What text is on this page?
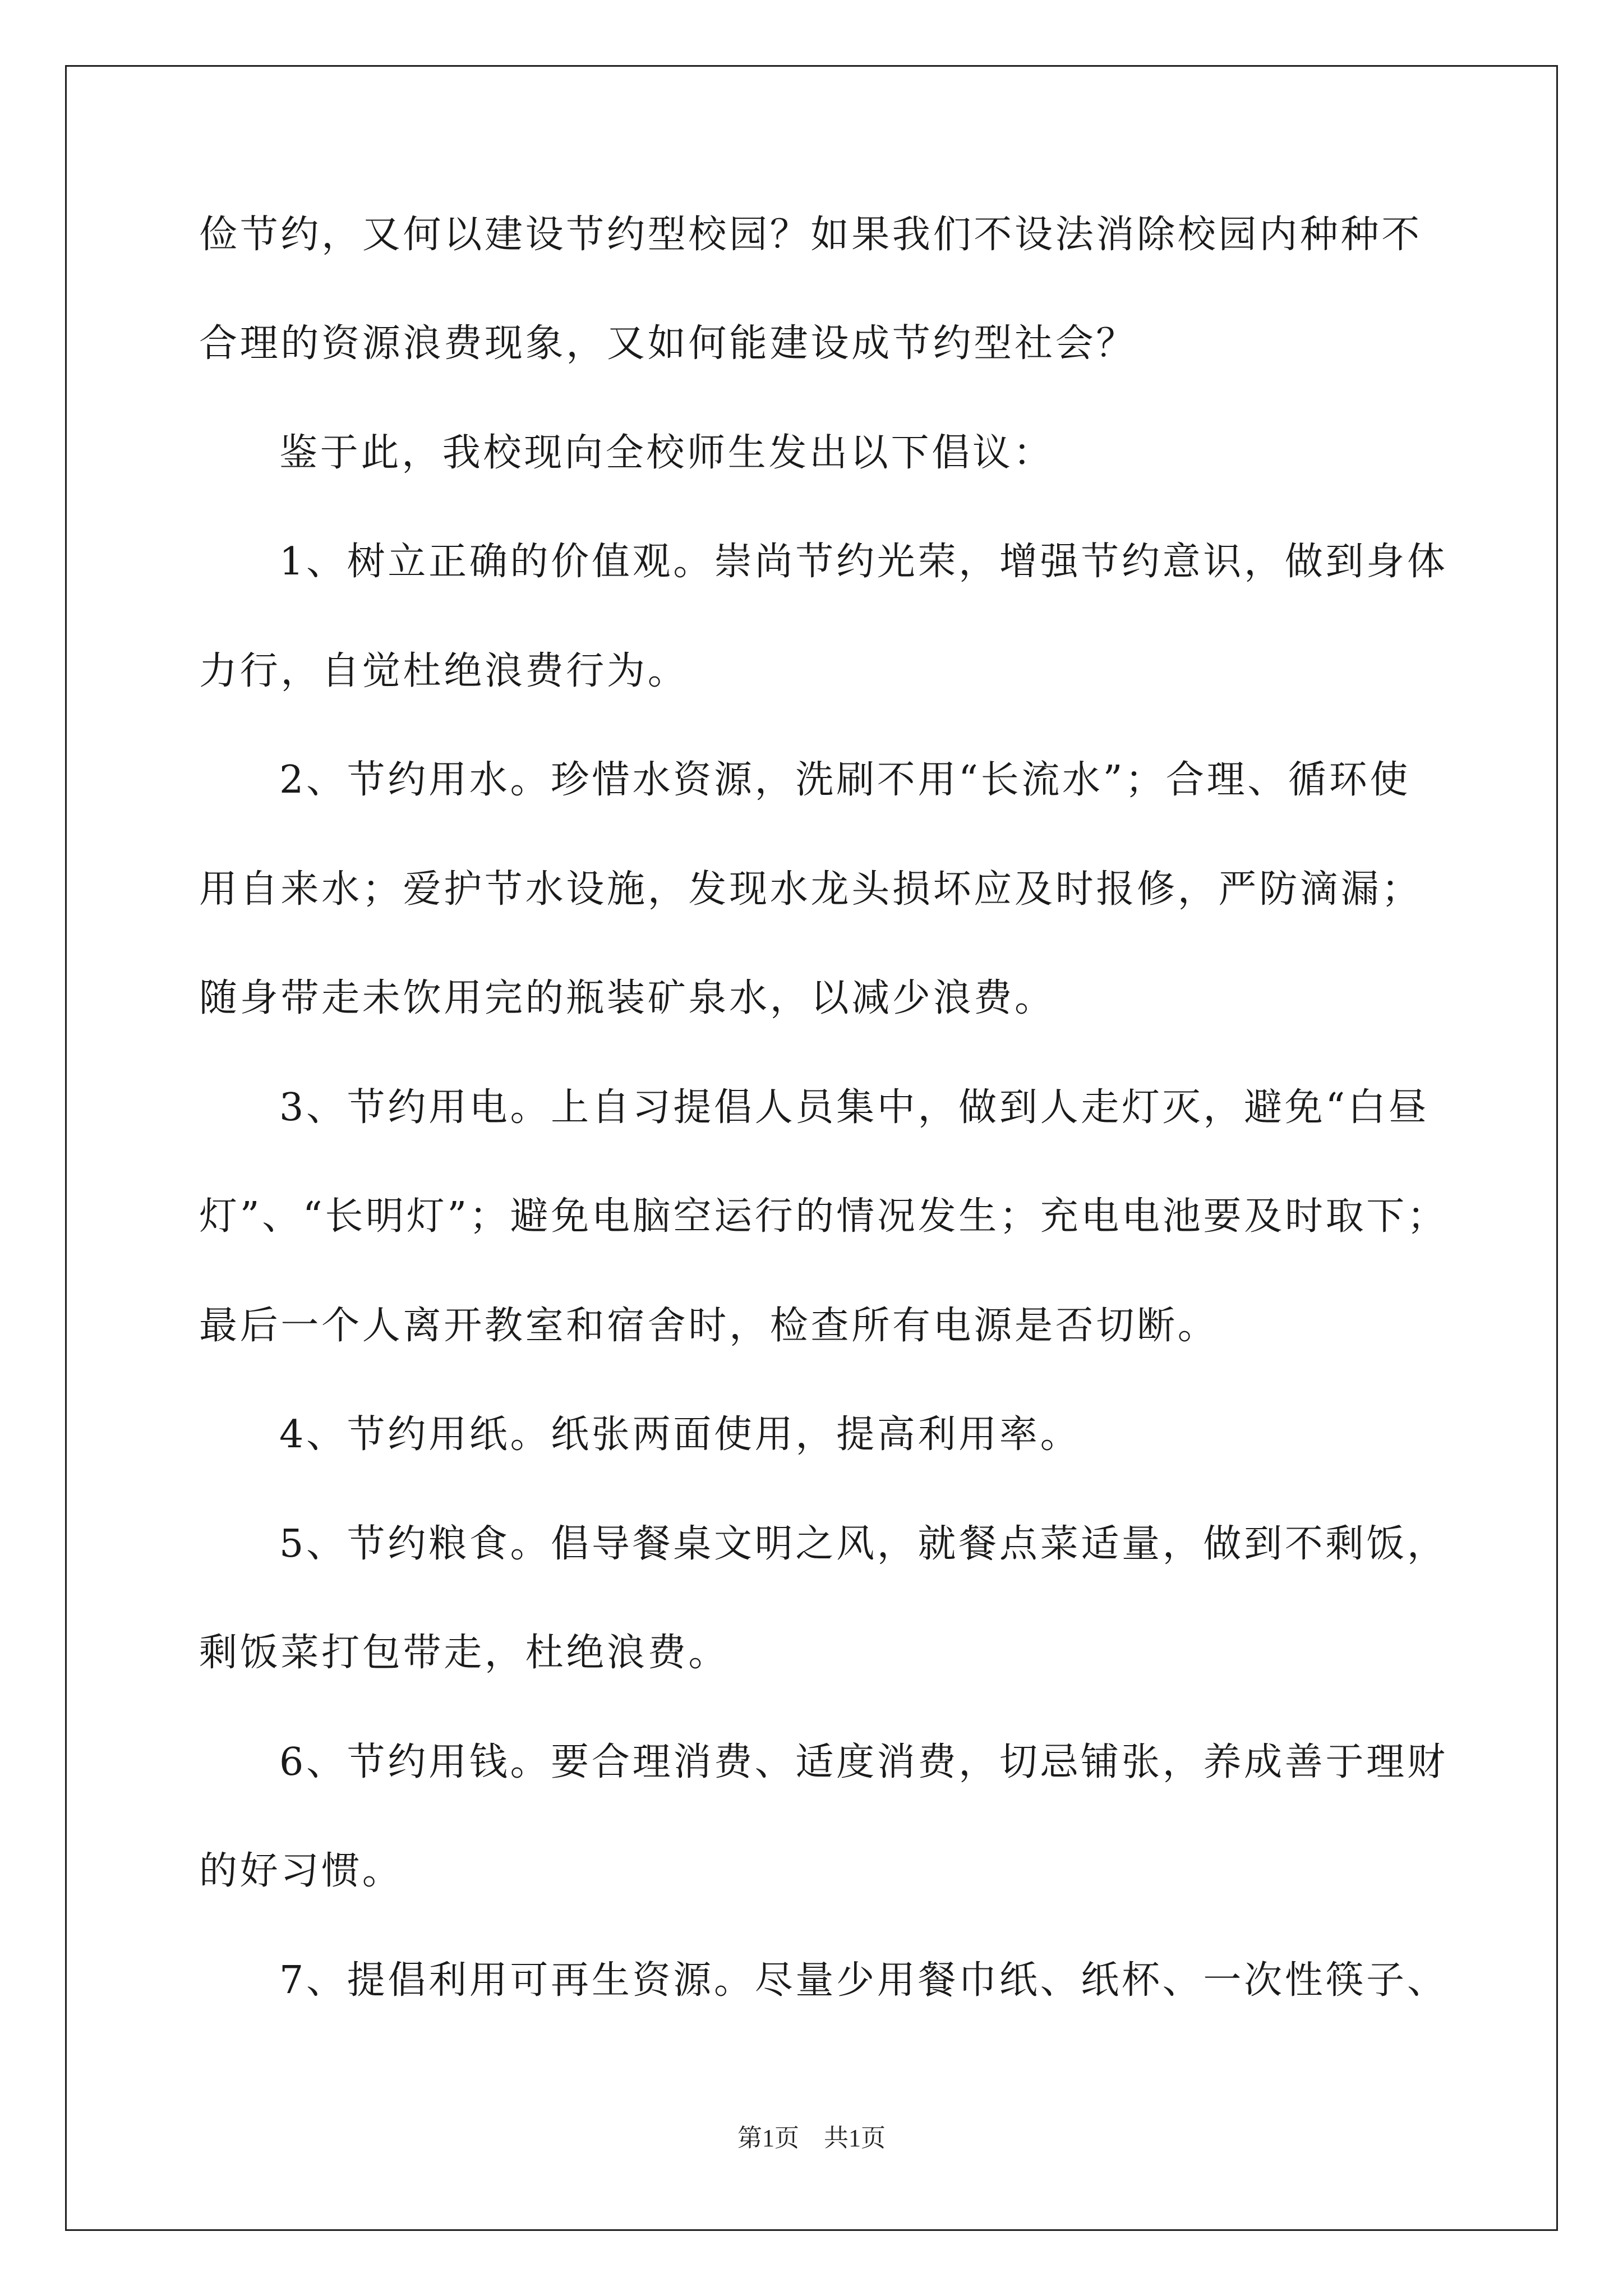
俭节约，又何以建设节约型校园？如果我们不设法消除校园内种种不
合理的资源浪费现象，又如何能建设成节约型社会？
鉴于此，我校现向全校师生发出以下倡议：
1、树立正确的价值观。崇尚节约光荣，增强节约意识，做到身体
力行，自觉杜绝浪费行为。
2、节约用水。珍惜水资源，洗刷不用“长流水”；合理、循环使
用自来水；爱护节水设施，发现水龙头损坏应及时报修，严防滴漏；
随身带走未饮用完的瓶装矿泉水，以减少浪费。
3、节约用电。上自习提倡人员集中，做到人走灯灭，避免“白昼
灯”、“长明灯”；避免电脑空运行的情况发生；充电电池要及时取下；
最后一个人离开教室和宿舍时，检查所有电源是否切断。
4、节约用纸。纸张两面使用，提高利用率。
5、节约粮食。倡导餐桌文明之风，就餐点菜适量，做到不剩饭，
剩饭菜打包带走，杜绝浪费。
6、节约用钱。要合理消费、适度消费，切忌铺张，养成善于理财
的好习惯。
7、提倡利用可再生资源。尽量少用餐巾纸、纸杯、一次性筷子、
第1页 共1页
